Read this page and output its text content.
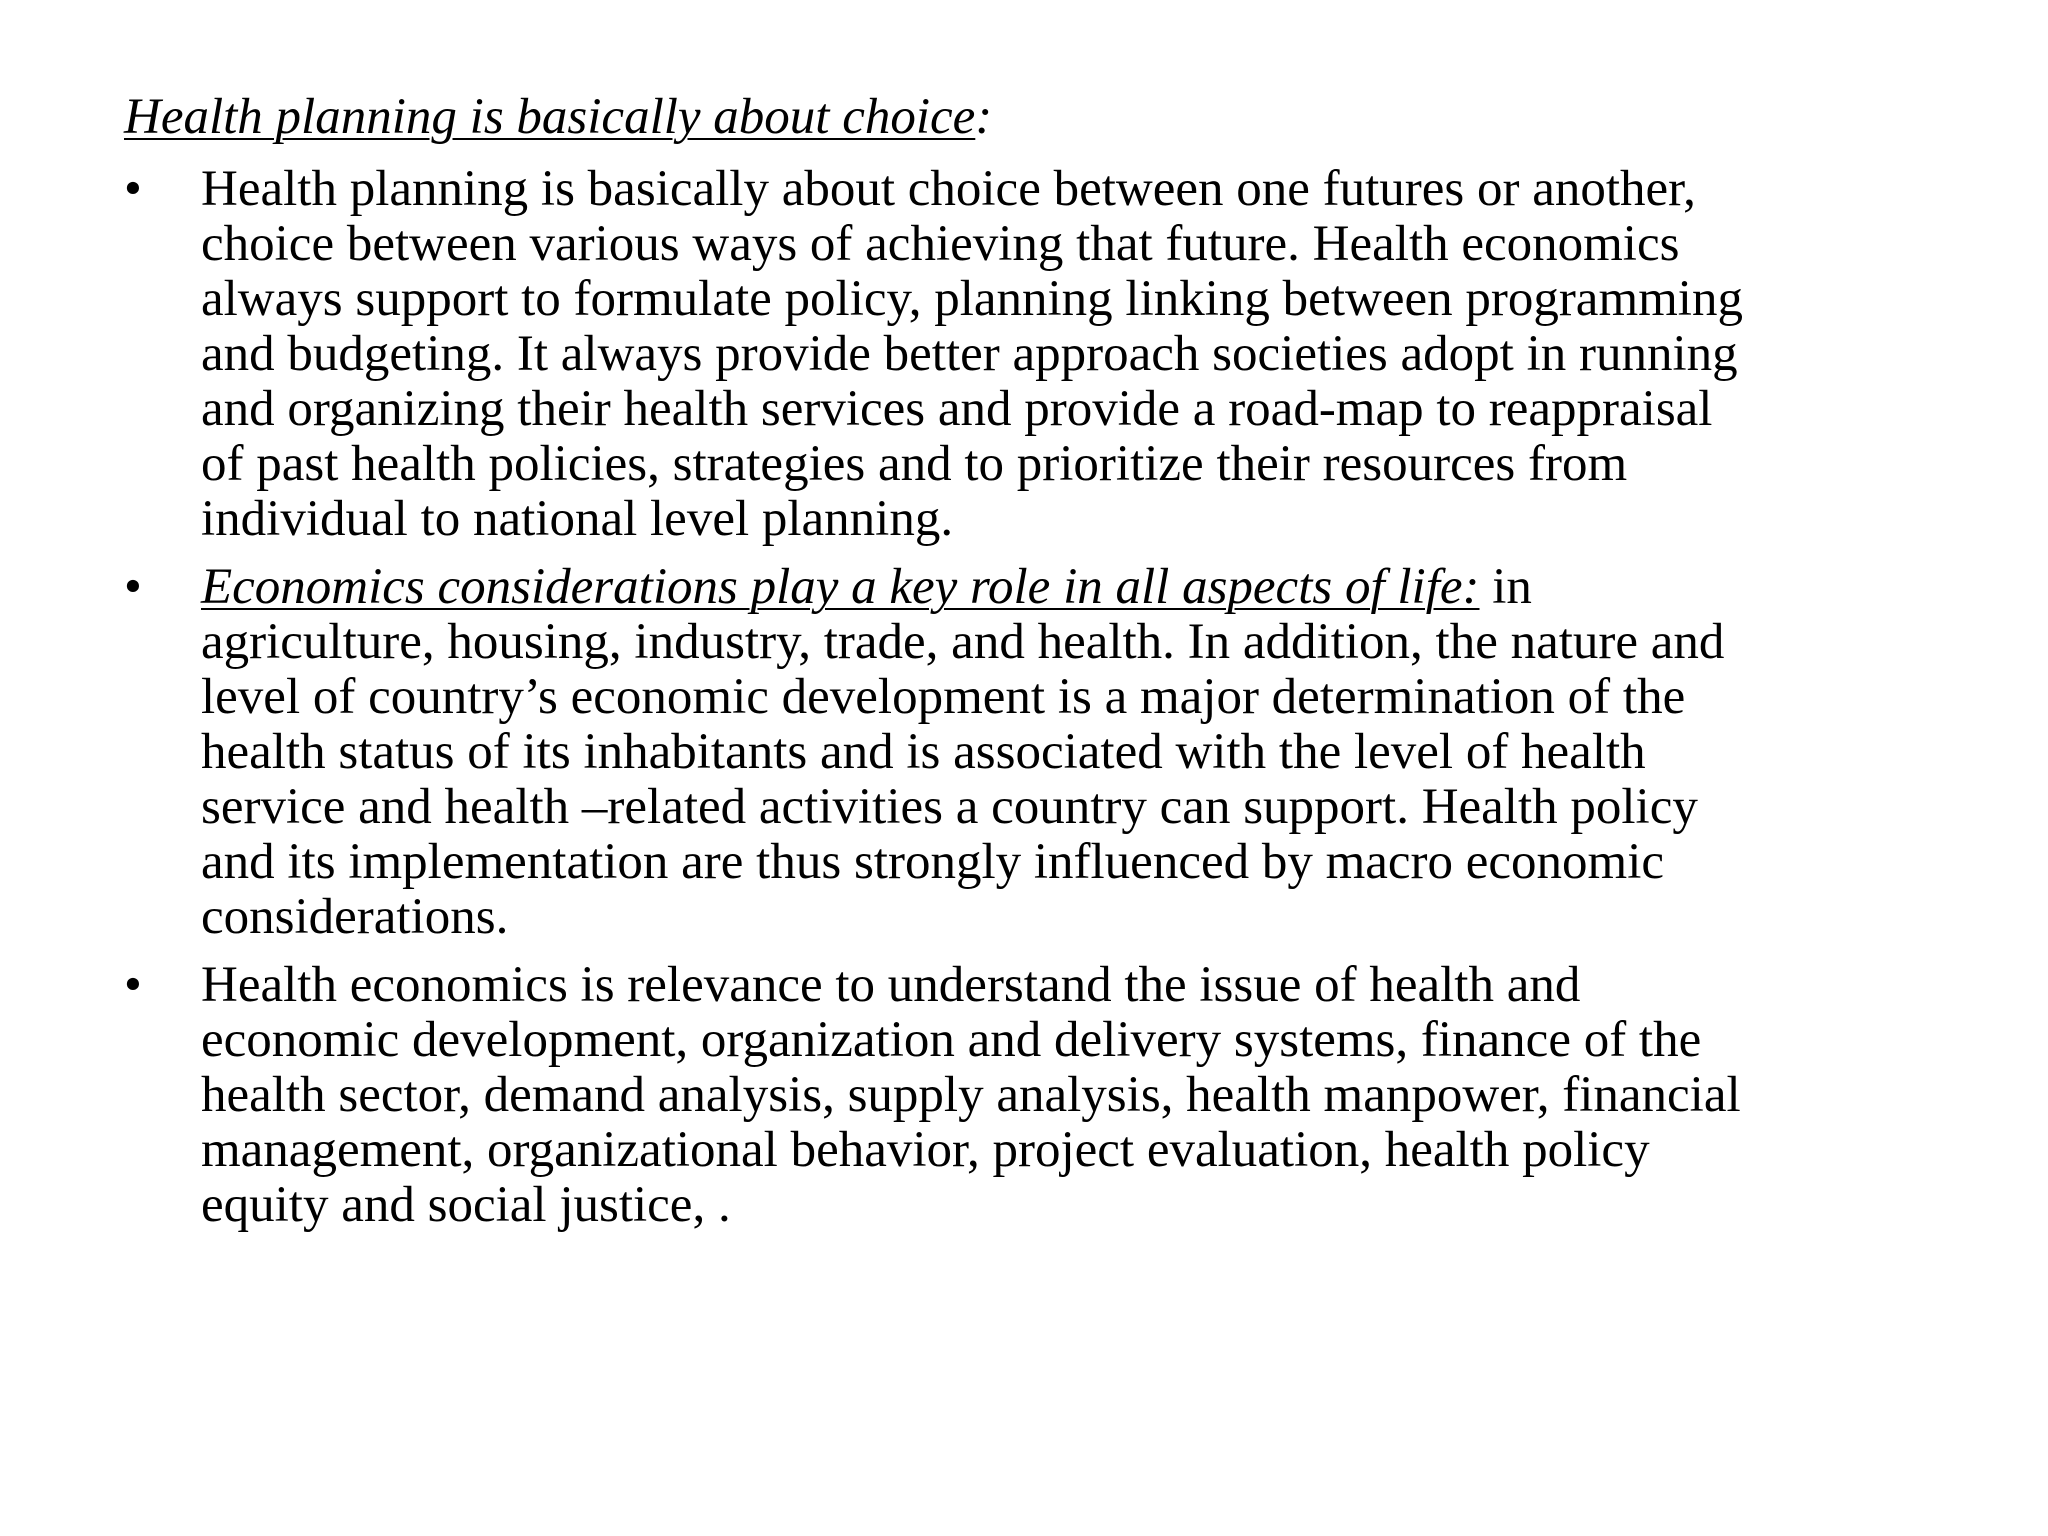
Health planning is basically about choice:
• Health planning is basically about choice between one futures or another,
choice between various ways of achieving that future. Health economics
always support to formulate policy, planning linking between programming
and budgeting. It always provide better approach societies adopt in running
and organizing their health services and provide a road-map to reappraisal
of past health policies, strategies and to prioritize their resources from
individual to national level planning.
• Economics considerations play a key role in all aspects of life: in
agriculture, housing, industry, trade, and health. In addition, the nature and
level of country’s economic development is a major determination of the
health status of its inhabitants and is associated with the level of health
service and health –related activities a country can support. Health policy
and its implementation are thus strongly influenced by macro economic
considerations.
• Health economics is relevance to understand the issue of health and
economic development, organization and delivery systems, finance of the
health sector, demand analysis, supply analysis, health manpower, financial
management, organizational behavior, project evaluation, health policy
equity and social justice, .
